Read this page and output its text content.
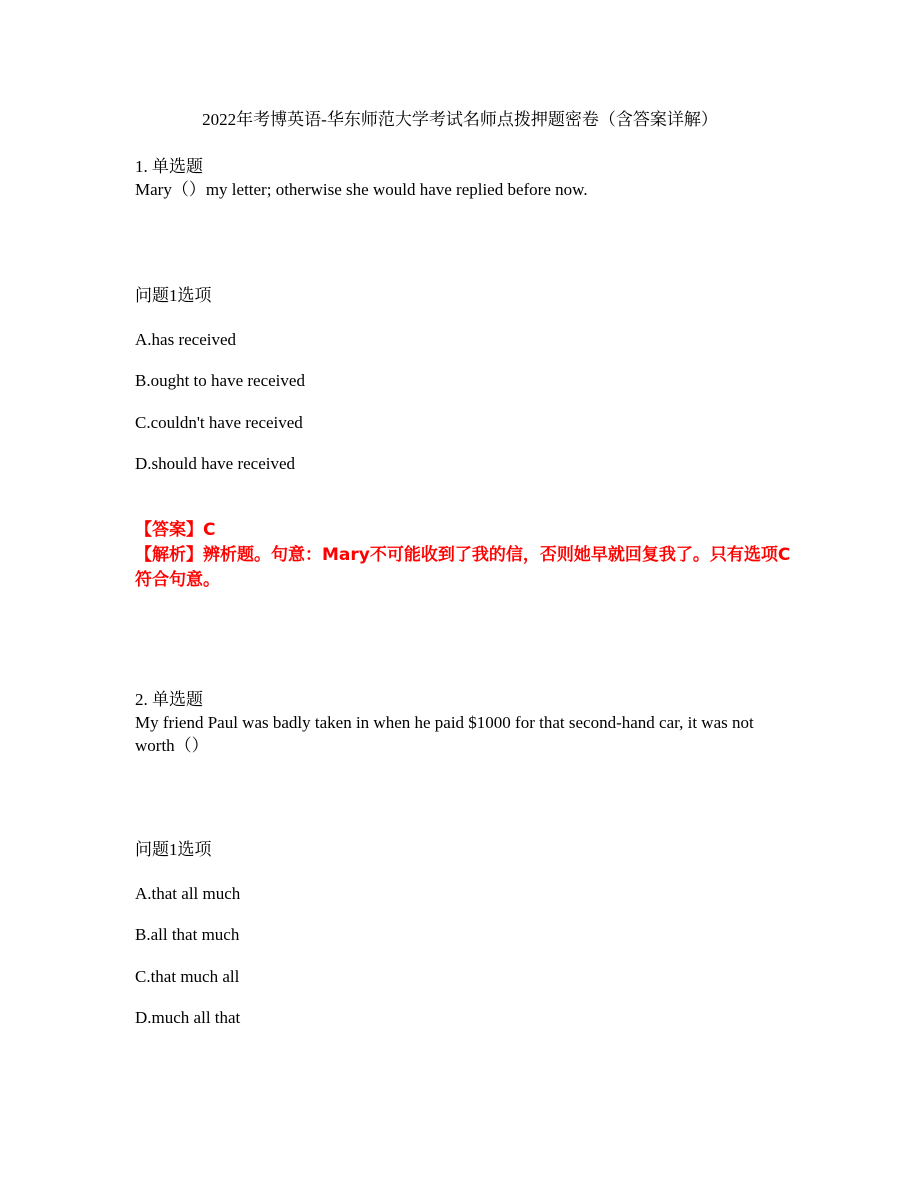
2022年考博英语-华东师范大学考试名师点拨押题密卷（含答案详解）
1. 单选题
Mary（）my letter; otherwise she would have replied before now.
问题1选项
A.has received
B.ought to have received
C.couldn't have received
D.should have received
【答案】C
【解析】辨析题。句意：Mary不可能收到了我的信，否则她早就回复我了。只有选项C符合句意。
2. 单选题
My friend Paul was badly taken in when he paid $1000 for that second-hand car, it was not worth（）
问题1选项
A.that all much
B.all that much
C.that much all
D.much all that
